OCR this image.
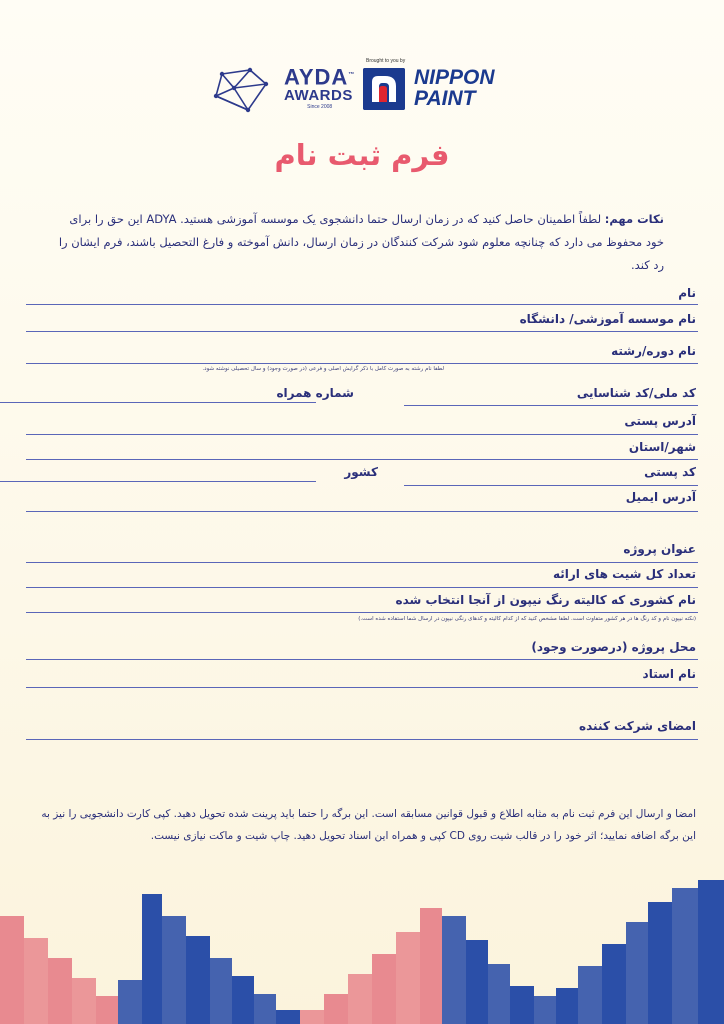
AYDA™
AWARDS
Since 2008
Brought to you by
NIPPON
PAINT
فرم ثبت نام
نکات مهم: لطفاً اطمینان حاصل کنید که در زمان ارسال حتما دانشجوی یک موسسه آموزشی هستید. ADYA این حق را برای خود محفوظ می دارد که چنانچه معلوم شود شرکت کنندگان در زمان ارسال، دانش آموخته و فارغ التحصیل باشند، فرم ایشان را رد کند.
نام
نام موسسه آموزشی/ دانشگاه
نام دوره/رشته
لطفا نام رشته به صورت کامل با ذکر گرایش اصلی و فرعی (در صورت وجود) و سال تحصیلی نوشته شود.
کد ملی/کد شناسایی
شماره همراه
آدرس پستی
شهر/استان
کد پستی
کشور
آدرس ایمیل
عنوان پروژه
تعداد کل شیت های ارائه
نام کشوری که کالیته رنگ نیپون از آنجا انتخاب شده
(نکته نیپون نام و کد رنگ ها در هر کشور متفاوت است. لطفا مشخص کنید که از کدام کالیته و کدهای رنگی نیپون در ارسال شما استفاده شده است.)
محل پروژه (درصورت وجود)
نام استاد
امضای شرکت کننده
امضا و ارسال این فرم ثبت نام به مثابه اطلاع و قبول قوانین مسابقه است. این برگه را حتما باید پرینت شده تحویل دهید. کپی کارت دانشجویی را نیز به این برگه اضافه نمایید؛ اثر خود را در قالب شیت روی CD کپی و همراه این اسناد تحویل دهید. چاپ شیت و ماکت نیازی نیست.
